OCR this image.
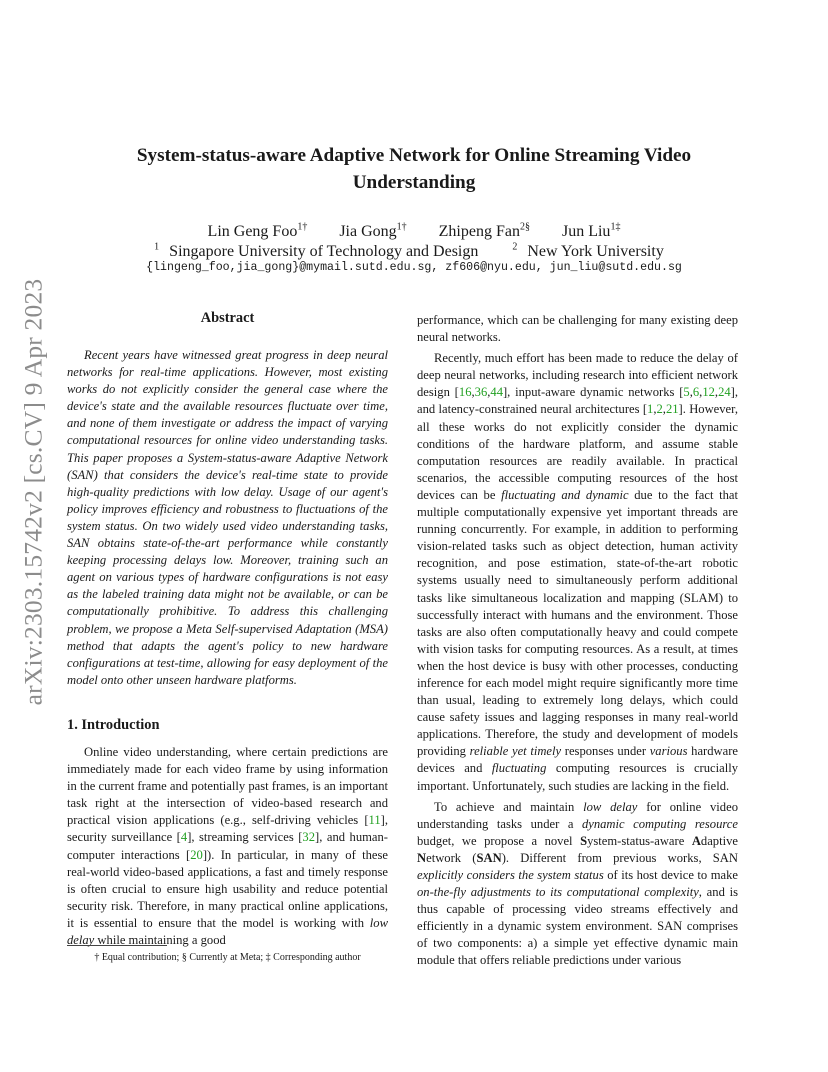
arXiv:2303.15742v2 [cs.CV] 9 Apr 2023
System-status-aware Adaptive Network for Online Streaming Video Understanding
Lin Geng Foo$^{1\dagger}$ Jia Gong$^{1\dagger}$ Zhipeng Fan$^{2\S}$ Jun Liu$^{1\ddagger}$
$^1$ Singapore University of Technology and Design	$^2$ New York University
{lingeng_foo,jia_gong}@mymail.sutd.edu.sg, zf606@nyu.edu, jun_liu@sutd.edu.sg
Abstract

Recent years have witnessed great progress in deep neural networks for real-time applications. However, most existing works do not explicitly consider the general case where the device's state and the available resources fluctuate over time, and none of them investigate or address the impact of varying computational resources for online video understanding tasks. This paper proposes a System-status-aware Adaptive Network (SAN) that considers the device's real-time state to provide high-quality predictions with low delay. Usage of our agent's policy improves efficiency and robustness to fluctuations of the system status. On two widely used video understanding tasks, SAN obtains state-of-the-art performance while constantly keeping processing delays low. Moreover, training such an agent on various types of hardware configurations is not easy as the labeled training data might not be available, or can be computationally prohibitive. To address this challenging problem, we propose a Meta Self-supervised Adaptation (MSA) method that adapts the agent's policy to new hardware configurations at test-time, allowing for easy deployment of the model onto other unseen hardware platforms.

1. Introduction

Online video understanding, where certain predictions are immediately made for each video frame by using information in the current frame and potentially past frames, is an important task right at the intersection of video-based research and practical vision applications (e.g., self-driving vehicles [11], security surveillance [4], streaming services [32], and human-computer interactions [20]). In particular, in many of these real-world video-based applications, a fast and timely response is often crucial to ensure high usability and reduce potential security risk. Therefore, in many practical online applications, it is essential to ensure that the model is working with low delay while maintaining a good

† Equal contribution; § Currently at Meta; ‡ Corresponding author

performance, which can be challenging for many existing deep neural networks.

Recently, much effort has been made to reduce the delay of deep neural networks, including research into efficient network design [16,36,44], input-aware dynamic networks [5,6,12,24], and latency-constrained neural architectures [1,2,21]. However, all these works do not explicitly consider the dynamic conditions of the hardware platform, and assume stable computation resources are readily available. In practical scenarios, the accessible computing resources of the host devices can be fluctuating and dynamic due to the fact that multiple computationally expensive yet important threads are running concurrently. For example, in addition to performing vision-related tasks such as object detection, human activity recognition, and pose estimation, state-of-the-art robotic systems usually need to simultaneously perform additional tasks like simultaneous localization and mapping (SLAM) to successfully interact with humans and the environment. Those tasks are also often computationally heavy and could compete with vision tasks for computing resources. As a result, at times when the host device is busy with other processes, conducting inference for each model might require significantly more time than usual, leading to extremely long delays, which could cause safety issues and lagging responses in many real-world applications. Therefore, the study and development of models providing reliable yet timely responses under various hardware devices and fluctuating computing resources is crucially important. Unfortunately, such studies are lacking in the field.

To achieve and maintain low delay for online video understanding tasks under a dynamic computing resource budget, we propose a novel System-status-aware Adaptive Network (SAN). Different from previous works, SAN explicitly considers the system status of its host device to make on-the-fly adjustments to its computational complexity, and is thus capable of processing video streams effectively and efficiently in a dynamic system environment. SAN comprises of two components: a) a simple yet effective dynamic main module that offers reliable predictions under various
